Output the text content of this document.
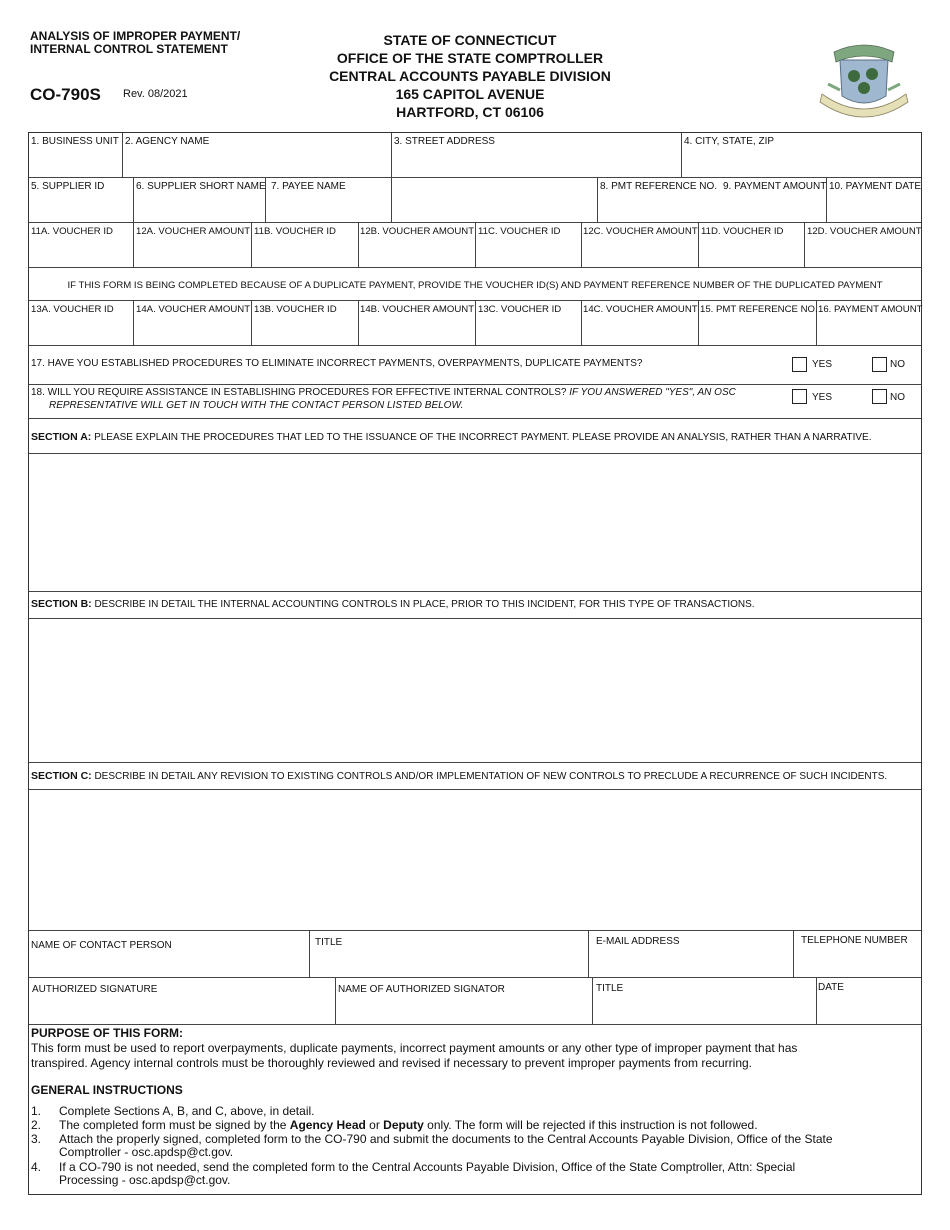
ANALYSIS OF IMPROPER PAYMENT/
INTERNAL CONTROL STATEMENT
CO-790S Rev. 08/2021
STATE OF CONNECTICUT
OFFICE OF THE STATE COMPTROLLER
CENTRAL ACCOUNTS PAYABLE DIVISION
165 CAPITOL AVENUE
HARTFORD, CT 06106
1. BUSINESS UNIT 2. AGENCY NAME	3. STREET ADDRESS	4. CITY, STATE, ZIP
5. SUPPLIER ID	6. SUPPLIER SHORT NAME 7. PAYEE NAME	8. PMT REFERENCE NO. 9. PAYMENT AMOUNT 10. PAYMENT DATE
11A. VOUCHER ID 12A. VOUCHER AMOUNT 11B. VOUCHER ID	12B. VOUCHER AMOUNT 11C. VOUCHER ID 12C. VOUCHER AMOUNT 11D. VOUCHER ID 12D. VOUCHER AMOUNT
IF THIS FORM IS BEING COMPLETED BECAUSE OF A DUPLICATE PAYMENT, PROVIDE THE VOUCHER ID(S) AND PAYMENT REFERENCE NUMBER OF THE DUPLICATED PAYMENT
13A. VOUCHER ID 14A. VOUCHER AMOUNT 13B. VOUCHER ID 14B. VOUCHER AMOUNT 13C. VOUCHER ID 14C. VOUCHER AMOUNT 15. PMT REFERENCE NO. 16. PAYMENT AMOUNT
17. HAVE YOU ESTABLISHED PROCEDURES TO ELIMINATE INCORRECT PAYMENTS, OVERPAYMENTS, DUPLICATE PAYMENTS?	YES	NO
18. WILL YOU REQUIRE ASSISTANCE IN ESTABLISHING PROCEDURES FOR EFFECTIVE INTERNAL CONTROLS? IF YOU ANSWERED "YES", AN OSC
REPRESENTATIVE WILL GET IN TOUCH WITH THE CONTACT PERSON LISTED BELOW.
YES	NO
SECTION A: PLEASE EXPLAIN THE PROCEDURES THAT LED TO THE ISSUANCE OF THE INCORRECT PAYMENT. PLEASE PROVIDE AN ANALYSIS, RATHER THAN A NARRATIVE.
SECTION B: DESCRIBE IN DETAIL THE INTERNAL ACCOUNTING CONTROLS IN PLACE, PRIOR TO THIS INCIDENT, FOR THIS TYPE OF TRANSACTIONS.
SECTION C: DESCRIBE IN DETAIL ANY REVISION TO EXISTING CONTROLS AND/OR IMPLEMENTATION OF NEW CONTROLS TO PRECLUDE A RECURRENCE OF SUCH INCIDENTS.
NAME OF CONTACT PERSON	TITLE	E-MAIL ADDRESS	TELEPHONE NUMBER
AUTHORIZED SIGNATURE	NAME OF AUTHORIZED SIGNATOR	TITLE	DATE
PURPOSE OF THIS FORM:
This form must be used to report overpayments, duplicate payments, incorrect payment amounts or any other type of improper payment that has
transpired. Agency internal controls must be thoroughly reviewed and revised if necessary to prevent improper payments from recurring.
GENERAL INSTRUCTIONS
1. Complete Sections A, B, and C, above, in detail.
2. The completed form must be signed by the Agency Head or Deputy only. The form will be rejected if this instruction is not followed.
3. Attach the properly signed, completed form to the CO-790 and submit the documents to the Central Accounts Payable Division, Office of the State
Comptroller - osc.apdsp@ct.gov.
4. If a CO-790 is not needed, send the completed form to the Central Accounts Payable Division, Office of the State Comptroller, Attn: Special
Processing - osc.apdsp@ct.gov.
